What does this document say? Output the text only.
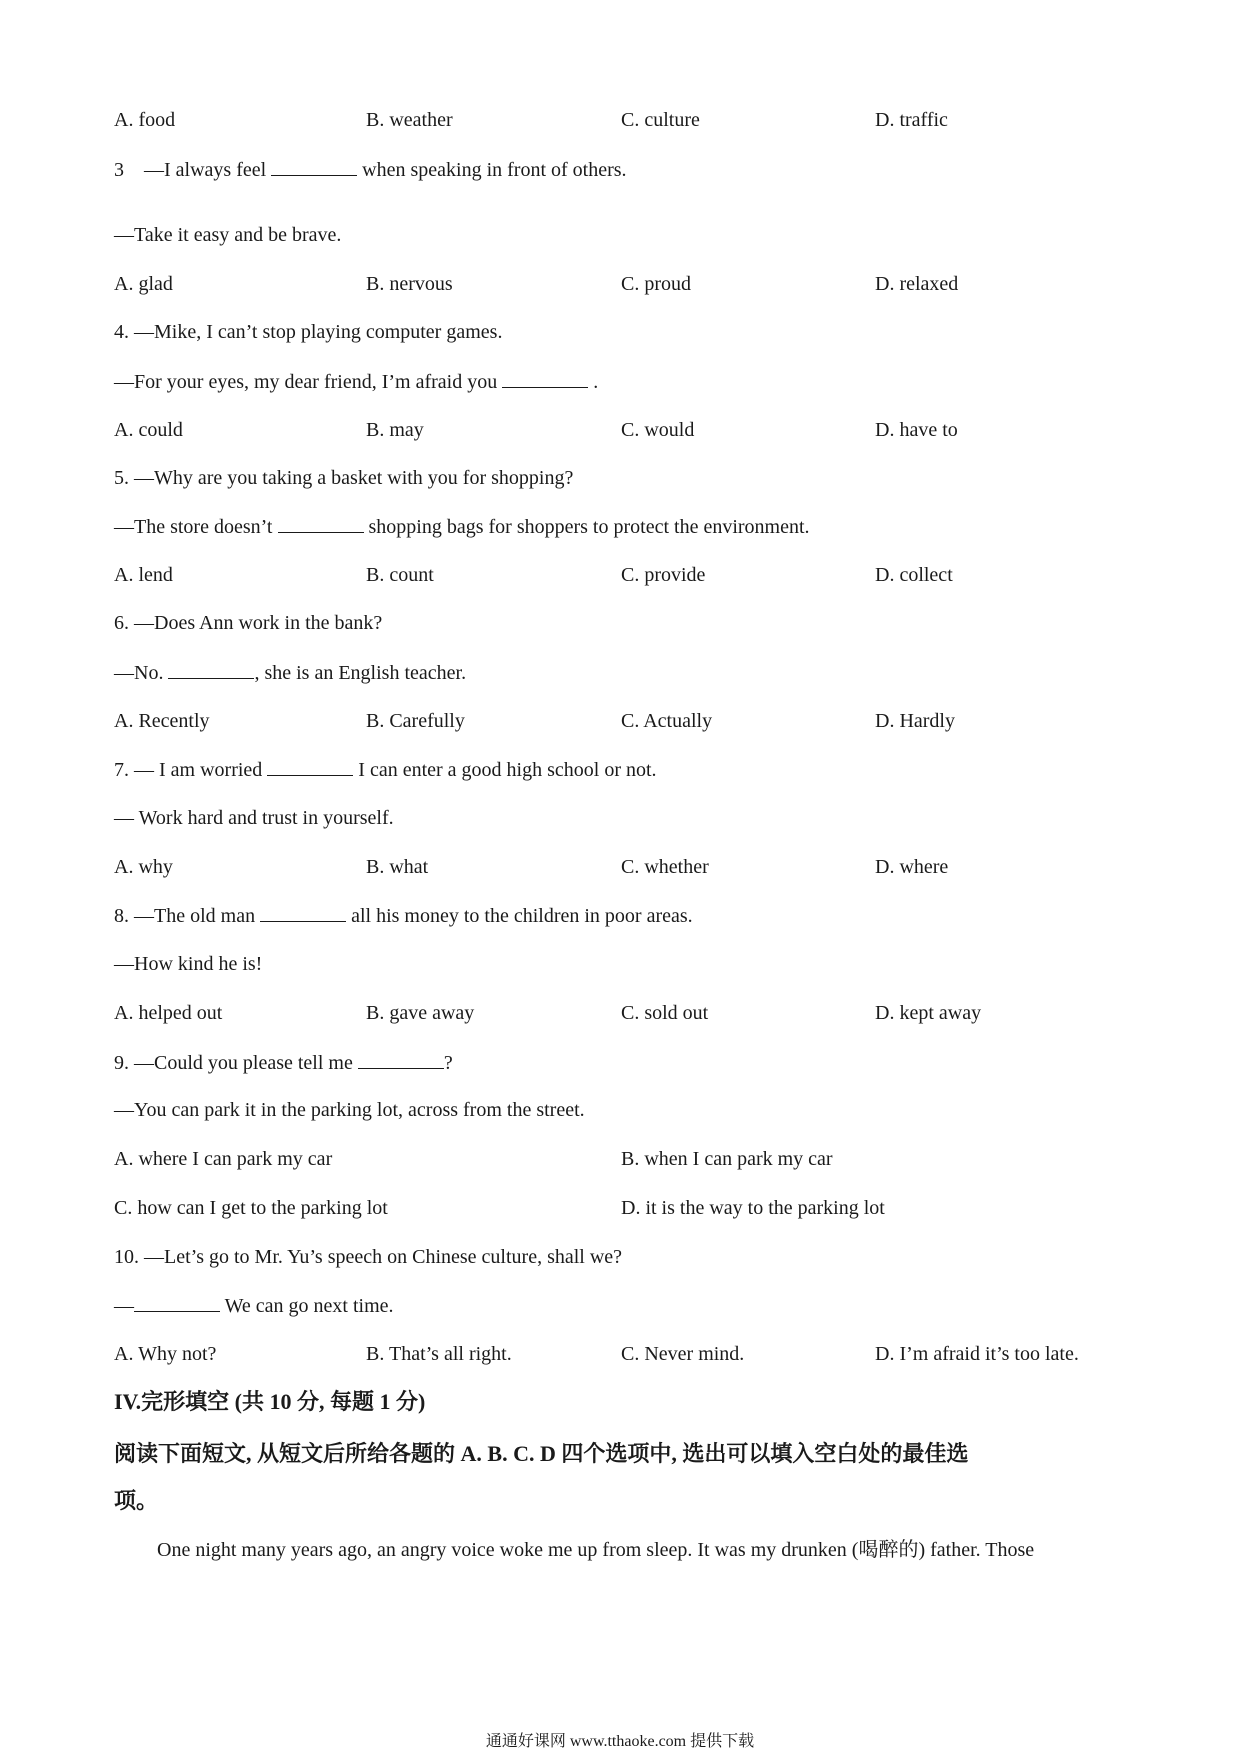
A. food	B. weather	C. culture	D. traffic
3　—I always feel	when speaking in front of others.
—Take it easy and be brave.
A. glad	B. nervous	C. proud	D. relaxed
4. —Mike, I can’t stop playing computer games.
—For your eyes, my dear friend, I’m afraid you	.
A. could	B. may	C. would	D. have to
5. —Why are you taking a basket with you for shopping?
—The store doesn’t	shopping bags for shoppers to protect the environment.
A. lend	B. count	C. provide	D. collect
6. —Does Ann work in the bank?
—No.	, she is an English teacher.
A. Recently	B. Carefully	C. Actually	D. Hardly
7. — I am worried	I can enter a good high school or not.
— Work hard and trust in yourself.
A. why	B. what	C. whether	D. where
8. —The old man	all his money to the children in poor areas.
—How kind he is!
A. helped out	B. gave away	C. sold out	D. kept away
9. —Could you please tell me	?
—You can park it in the parking lot, across from the street.
A. where I can park my car	B. when I can park my car
C. how can I get to the parking lot	D. it is the way to the parking lot
10. —Let’s go to Mr. Yu’s speech on Chinese culture, shall we?
—	We can go next time.
A. Why not?	B. That’s all right.	C. Never mind.	D. I’m afraid it’s too late.
IV.完形填空 (共 10 分, 每题 1 分)
阅读下面短文, 从短文后所给各题的 A. B. C. D 四个选项中, 选出可以填入空白处的最佳选
项。
One night many years ago, an angry voice woke me up from sleep. It was my drunken (喝醉的) father. Those
通通好课网 www.tthaoke.com 提供下载
